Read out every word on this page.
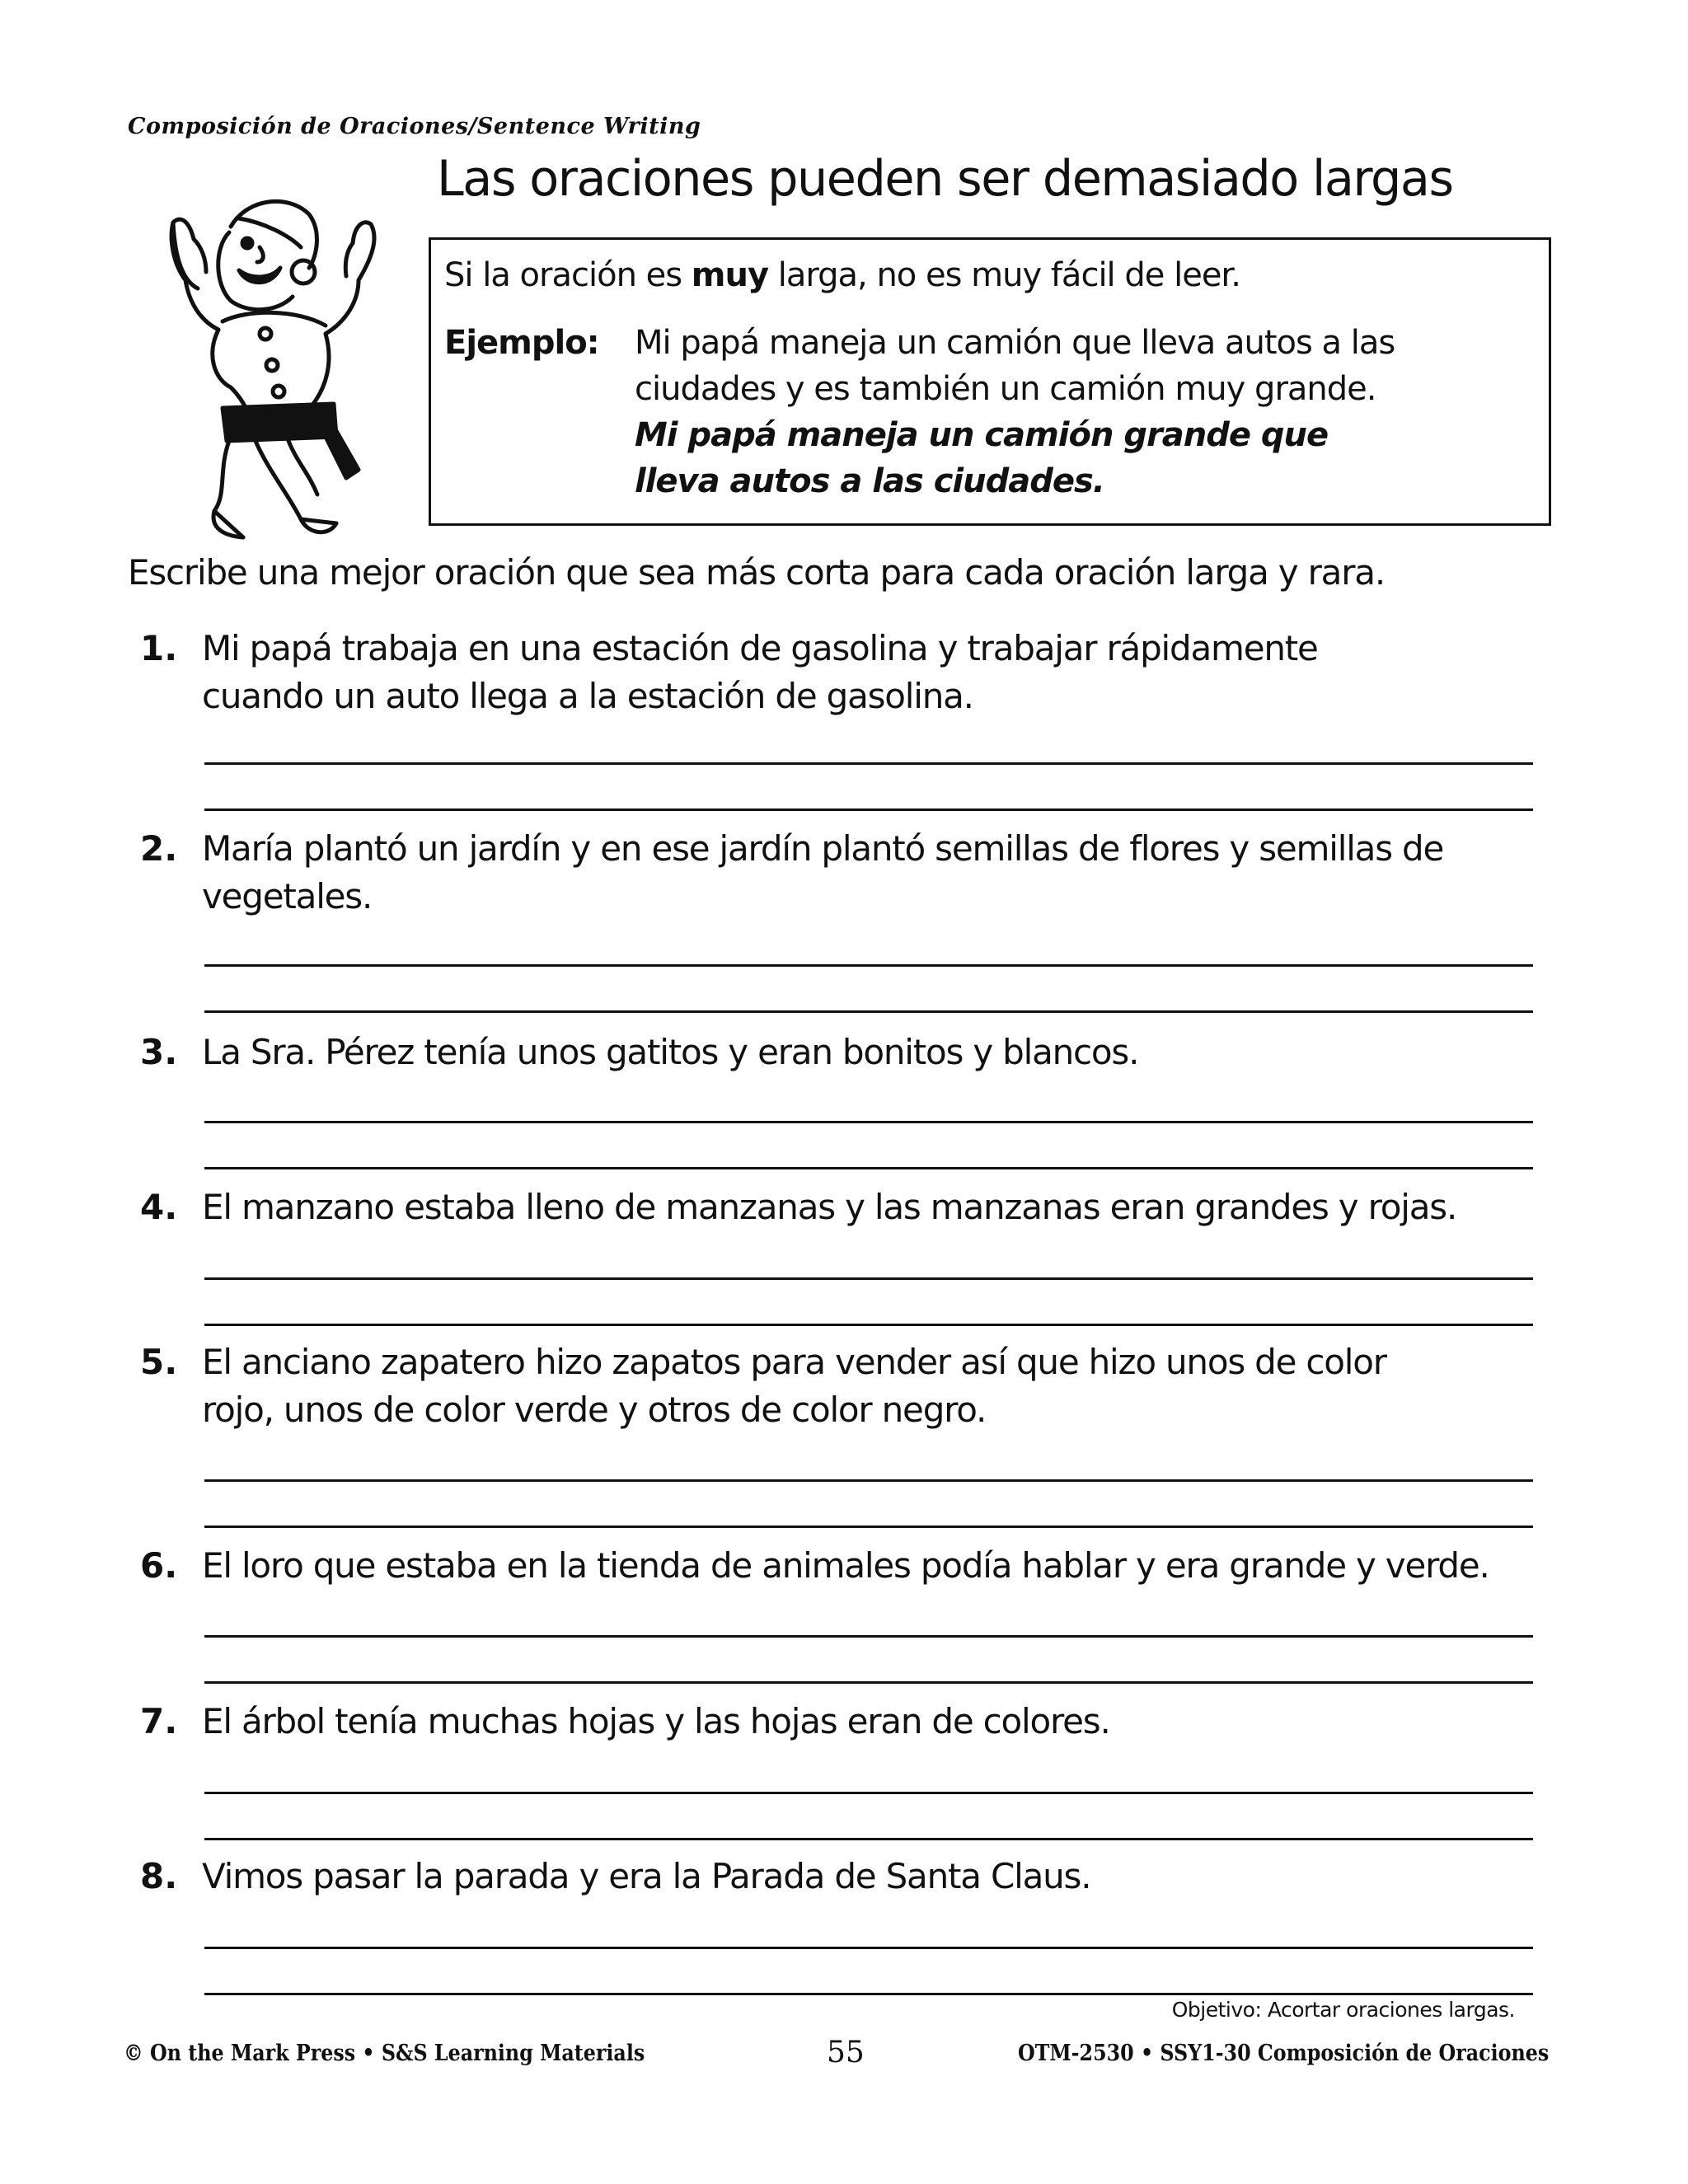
Composición de Oraciones/Sentence Writing
Las oraciones pueden ser demasiado largas
Si la oración es muy larga, no es muy fácil de leer.
Ejemplo: Mi papá maneja un camión que lleva autos a las
ciudades y es también un camión muy grande.
Mi papá maneja un camión grande que
lleva autos a las ciudades.
Escribe una mejor oración que sea más corta para cada oración larga y rara.
1. Mi papá trabaja en una estación de gasolina y trabajar rápidamente
cuando un auto llega a la estación de gasolina.
2. María plantó un jardín y en ese jardín plantó semillas de flores y semillas de
vegetales.
3. La Sra. Pérez tenía unos gatitos y eran bonitos y blancos.
4. El manzano estaba lleno de manzanas y las manzanas eran grandes y rojas.
5. El anciano zapatero hizo zapatos para vender así que hizo unos de color
rojo, unos de color verde y otros de color negro.
6. El loro que estaba en la tienda de animales podía hablar y era grande y verde.
7. El árbol tenía muchas hojas y las hojas eran de colores.
8. Vimos pasar la parada y era la Parada de Santa Claus.
Objetivo: Acortar oraciones largas.
© On the Mark Press • S&S Learning Materials	55	OTM-2530 • SSY1-30 Composición de Oraciones
